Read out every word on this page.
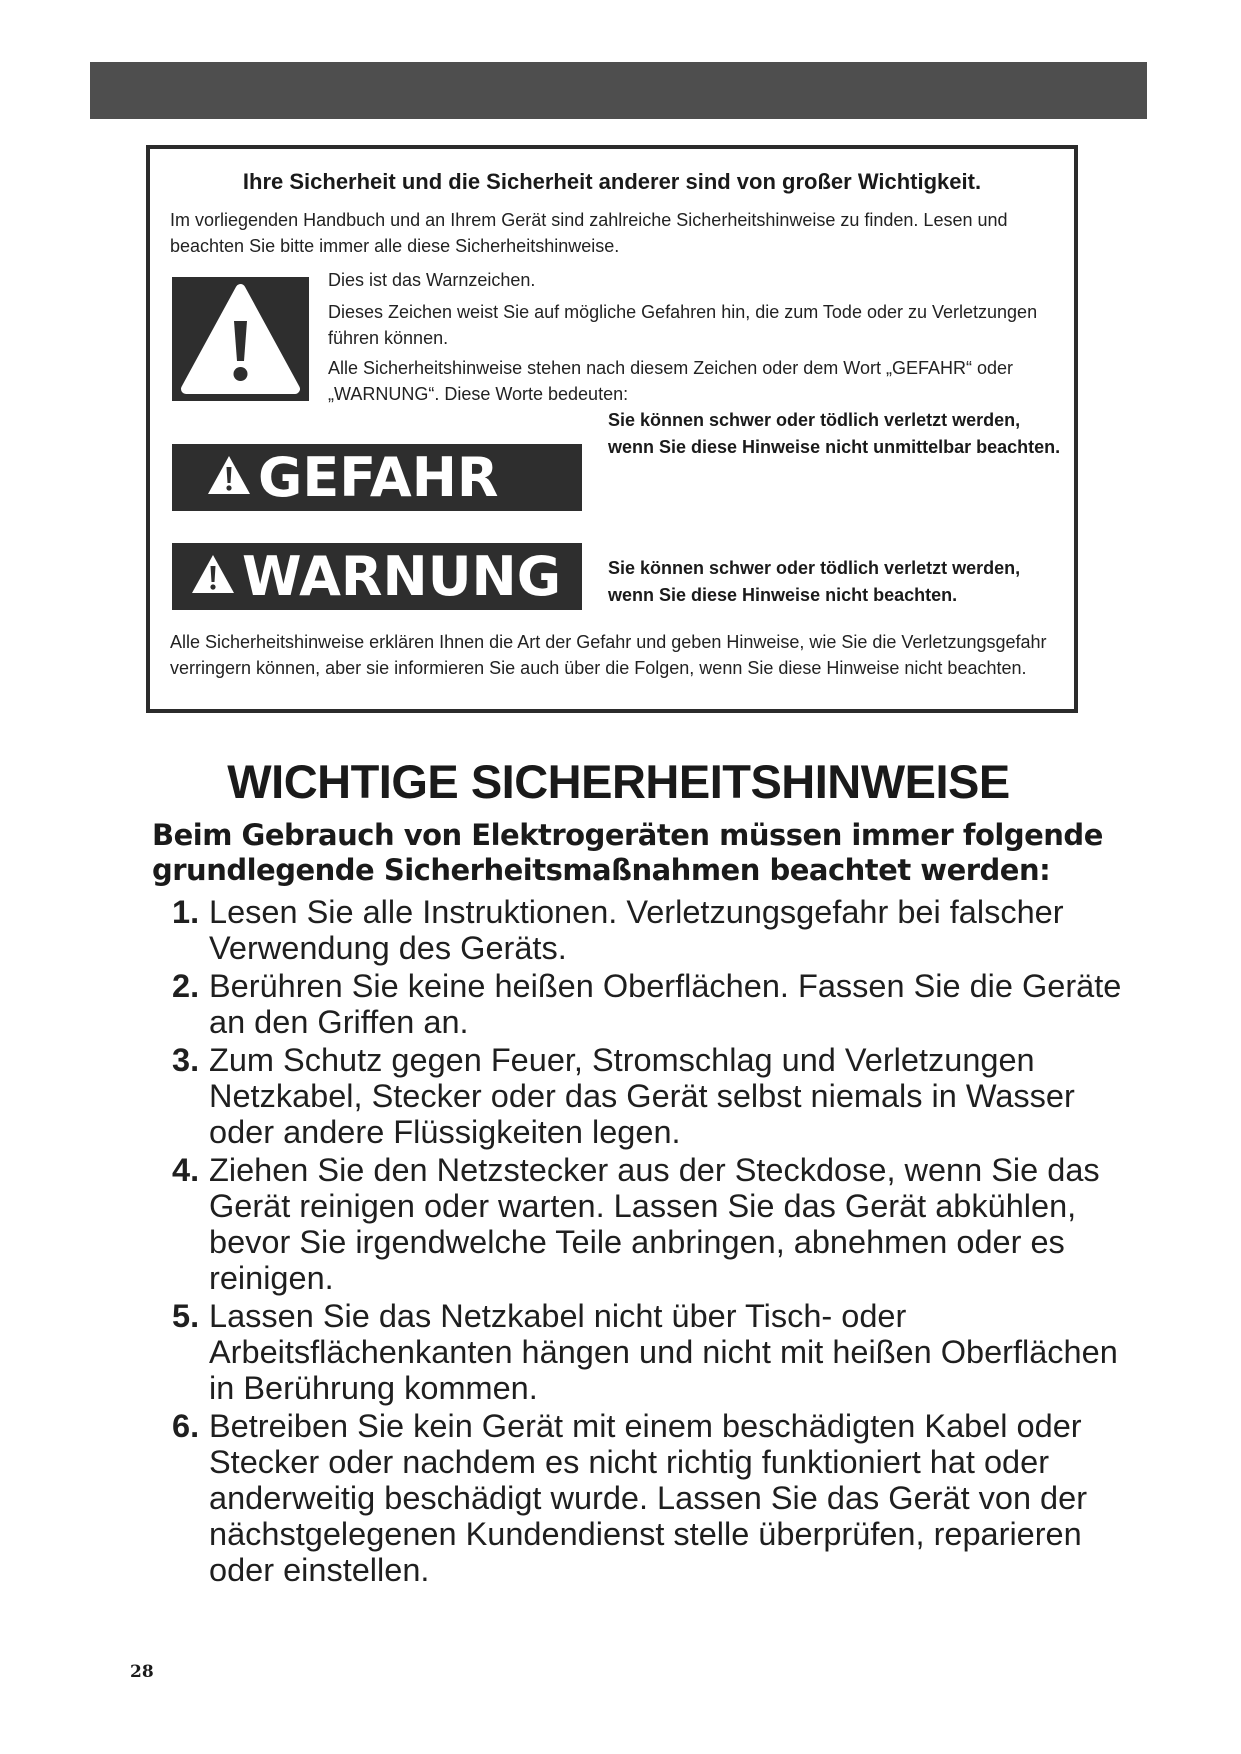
Ihre Sicherheit und die Sicherheit anderer sind von großer Wichtigkeit.
Im vorliegenden Handbuch und an Ihrem Gerät sind zahlreiche Sicherheitshinweise zu finden. Lesen und beachten Sie bitte immer alle diese Sicherheitshinweise.
Dies ist das Warnzeichen.
Dieses Zeichen weist Sie auf mögliche Gefahren hin, die zum Tode oder zu Verletzungen führen können.
Alle Sicherheitshinweise stehen nach diesem Zeichen oder dem Wort „GEFAHR“ oder „WARNUNG“. Diese Worte bedeuten:
GEFAHR
Sie können schwer oder tödlich verletzt werden, wenn Sie diese Hinweise nicht unmittelbar beachten.
WARNUNG	Sie können schwer oder tödlich verletzt werden, wenn Sie diese Hinweise nicht beachten.
Alle Sicherheitshinweise erklären Ihnen die Art der Gefahr und geben Hinweise, wie Sie die Verletzungsgefahr verringern können, aber sie informieren Sie auch über die Folgen, wenn Sie diese Hinweise nicht beachten.
WICHTIGE SICHERHEITSHINWEISE
Beim Gebrauch von Elektrogeräten müssen immer folgende grundlegende Sicherheitsmaßnahmen beachtet werden:
1. Lesen Sie alle Instruktionen. Verletzungsgefahr bei falscher Verwendung des Geräts.
2. Berühren Sie keine heißen Oberflächen. Fassen Sie die Geräte an den Griffen an.
3. Zum Schutz gegen Feuer, Stromschlag und Verletzungen Netzkabel, Stecker oder das Gerät selbst niemals in Wasser oder andere Flüssigkeiten legen.
4. Ziehen Sie den Netzstecker aus der Steckdose, wenn Sie das Gerät reinigen oder warten. Lassen Sie das Gerät abkühlen, bevor Sie irgendwelche Teile anbringen, abnehmen oder es reinigen.
5. Lassen Sie das Netzkabel nicht über Tisch- oder Arbeitsflächenkanten hängen und nicht mit heißen Oberflächen in Berührung kommen.
6. Betreiben Sie kein Gerät mit einem beschädigten Kabel oder Stecker oder nachdem es nicht richtig funktioniert hat oder anderweitig beschädigt wurde. Lassen Sie das Gerät von der nächstgelegenen Kundendienst stelle überprüfen, reparieren oder einstellen.
28
